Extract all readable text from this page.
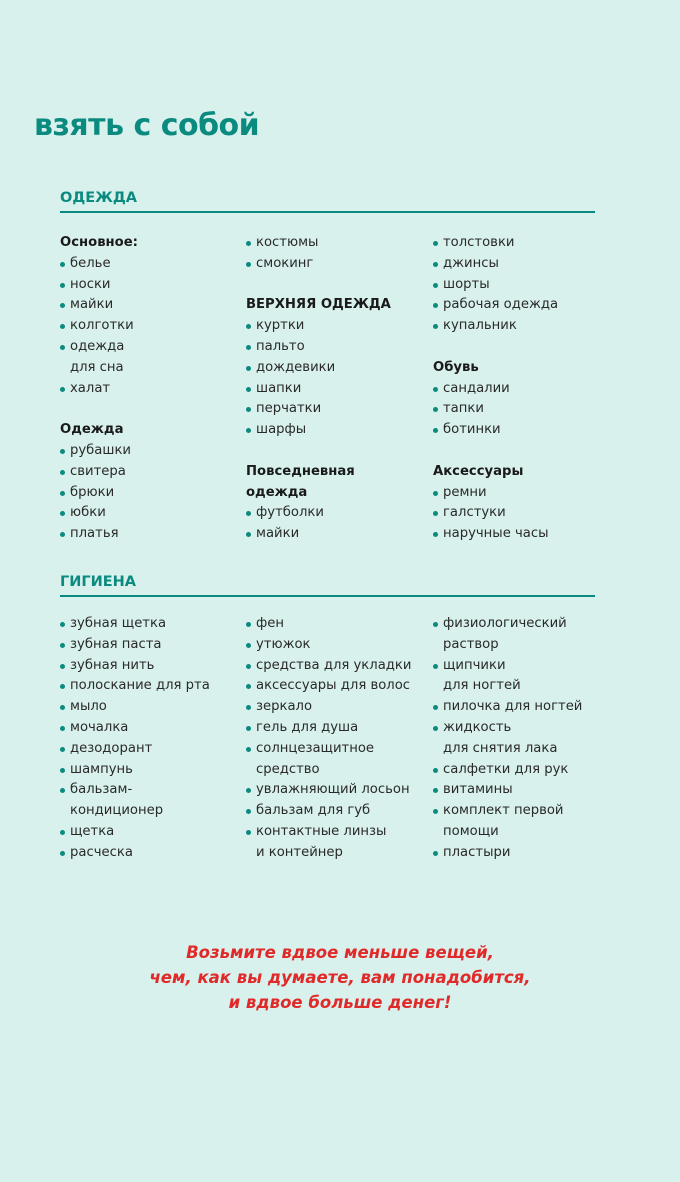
взять с собой
ОДЕЖДА
Основное:
белье
носки
майки
колготки
одежда
для сна
халат
Одежда
рубашки
свитера
брюки
юбки
платья
костюмы
смокинг
ВЕРХНЯЯ ОДЕЖДА
куртки
пальто
дождевики
шапки
перчатки
шарфы
Повседневная
одежда
футболки
майки
толстовки
джинсы
шорты
рабочая одежда
купальник
Обувь
сандалии
тапки
ботинки
Аксессуары
ремни
галстуки
наручные часы
ГИГИЕНА
зубная щетка
зубная паста
зубная нить
полоскание для рта
мыло
мочалка
дезодорант
шампунь
бальзам-
кондиционер
щетка
расческа
фен
утюжок
средства для укладки
аксессуары для волос
зеркало
гель для душа
солнцезащитное
средство
увлажняющий лосьон
бальзам для губ
контактные линзы
и контейнер
физиологический
раствор
щипчики
для ногтей
пилочка для ногтей
жидкость
для снятия лака
салфетки для рук
витамины
комплект первой
помощи
пластыри
Возьмите вдвое меньше вещей,
чем, как вы думаете, вам понадобится,
и вдвое больше денег!
